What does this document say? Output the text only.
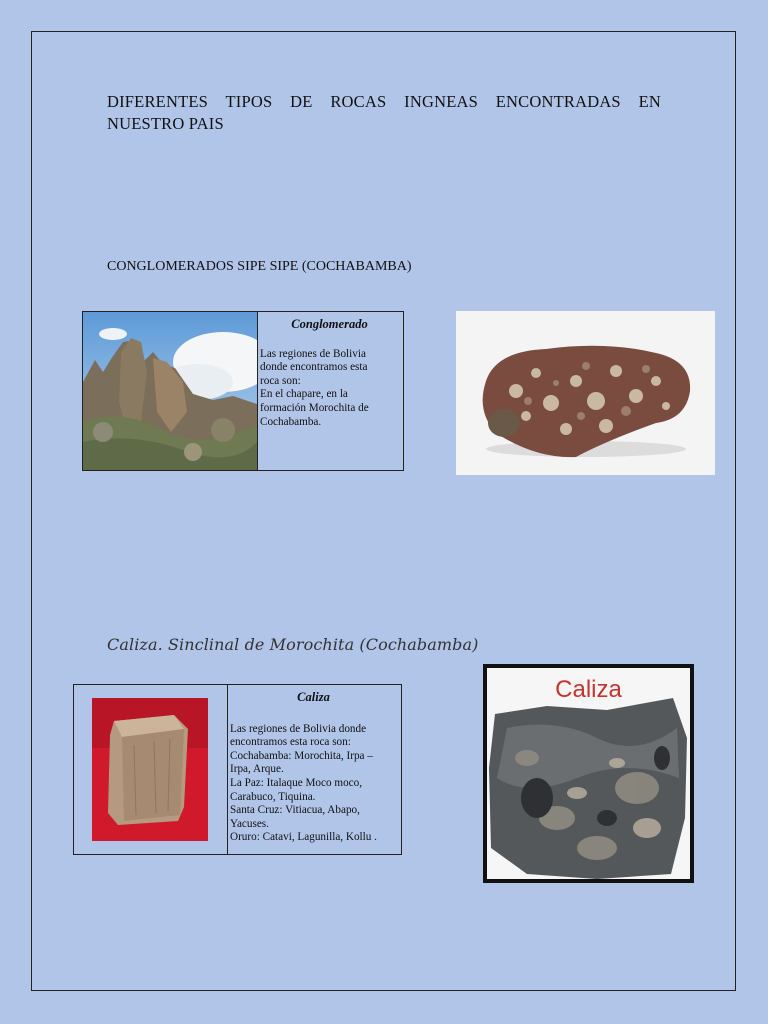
DIFERENTES TIPOS DE ROCAS INGNEAS ENCONTRADAS EN
NUESTRO PAIS
CONGLOMERADOS SIPE SIPE (COCHABAMBA)
Conglomerado

Las regiones de Bolivia

donde encontramos esta

roca son:

En el chapare, en la

formación Morochita de

Cochabamba.

Caliza. Sinclinal de Morochita (Cochabamba)
Caliza

Las regiones de Bolivia donde

encontramos esta roca son:

Cochabamba: Morochita, Irpa –

Irpa, Arque.

La Paz: Italaque Moco moco,

Carabuco, Tiquina.

Santa Cruz: Vitiacua, Abapo,

Yacuses.

Oruro: Catavi, Lagunilla, Kollu .

Caliza
